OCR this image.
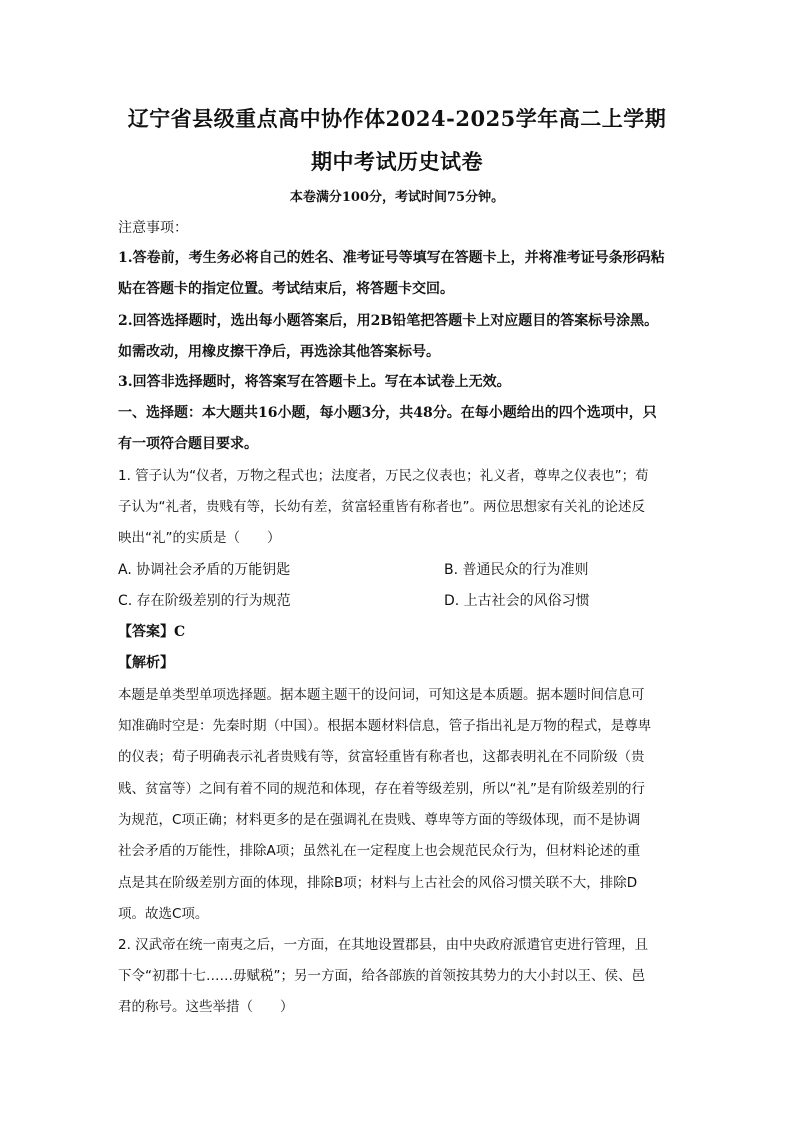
辽宁省县级重点高中协作体2024-2025学年高二上学期
期中考试历史试卷
本卷满分100分，考试时间75分钟。
注意事项：
1.答卷前，考生务必将自己的姓名、准考证号等填写在答题卡上，并将准考证号条形码粘
贴在答题卡的指定位置。考试结束后，将答题卡交回。
2.回答选择题时，选出每小题答案后，用2B铅笔把答题卡上对应题目的答案标号涂黑。
如需改动，用橡皮擦干净后，再选涂其他答案标号。
3.回答非选择题时，将答案写在答题卡上。写在本试卷上无效。
一、选择题：本大题共16小题，每小题3分，共48分。在每小题给出的四个选项中，只
有一项符合题目要求。
1. 管子认为“仪者，万物之程式也；法度者，万民之仪表也；礼义者，尊卑之仪表也”；荀
子认为“礼者，贵贱有等，长幼有差，贫富轻重皆有称者也”。两位思想家有关礼的论述反
映出“礼”的实质是（　　）
A. 协调社会矛盾的万能钥匙	B. 普通民众的行为准则
C. 存在阶级差别的行为规范	D. 上古社会的风俗习惯
【答案】C
【解析】
本题是单类型单项选择题。据本题主题干的设问词，可知这是本质题。据本题时间信息可
知准确时空是：先秦时期（中国）。根据本题材料信息，管子指出礼是万物的程式，是尊卑
的仪表；荀子明确表示礼者贵贱有等，贫富轻重皆有称者也，这都表明礼在不同阶级（贵
贱、贫富等）之间有着不同的规范和体现，存在着等级差别，所以“礼”是有阶级差别的行
为规范，C项正确；材料更多的是在强调礼在贵贱、尊卑等方面的等级体现，而不是协调
社会矛盾的万能性，排除A项；虽然礼在一定程度上也会规范民众行为，但材料论述的重
点是其在阶级差别方面的体现，排除B项；材料与上古社会的风俗习惯关联不大，排除D
项。故选C项。
2. 汉武帝在统一南夷之后，一方面，在其地设置郡县，由中央政府派遣官吏进行管理，且
下令“初郡十七……毋赋税”；另一方面，给各部族的首领按其势力的大小封以王、侯、邑
君的称号。这些举措（　　）
